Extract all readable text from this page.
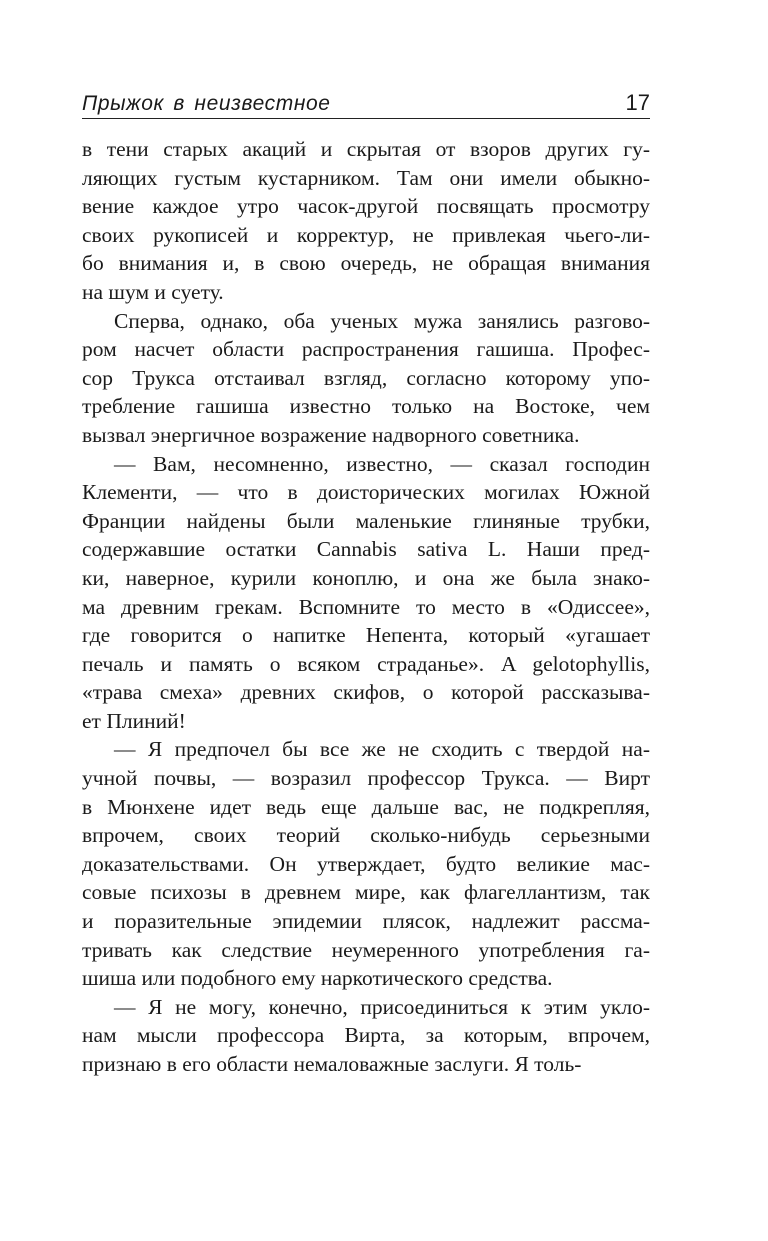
Прыжок в неизвестное	17

в тени старых акаций и скрытая от взоров других гу-
ляющих густым кустарником. Там они имели обыкно-
вение каждое утро часок-другой посвящать просмотру
своих рукописей и корректур, не привлекая чьего-ли-
бо внимания и, в свою очередь, не обращая внимания
на шум и суету.

Сперва, однако, оба ученых мужа занялись разгово-
ром насчет области распространения гашиша. Профес-
сор Трукса отстаивал взгляд, согласно которому упо-
требление гашиша известно только на Востоке, чем
вызвал энергичное возражение надворного советника.

— Вам, несомненно, известно, — сказал господин
Клементи, — что в доисторических могилах Южной
Франции найдены были маленькие глиняные трубки,
содержавшие остатки Cannabis sativa L. Наши пред-
ки, наверное, курили коноплю, и она же была знако-
ма древним грекам. Вспомните то место в «Одиссее»,
где говорится о напитке Непента, который «угашает
печаль и память о всяком страданье». A gelotophyllis,
«трава смеха» древних скифов, о которой рассказыва-
ет Плиний!

— Я предпочел бы все же не сходить с твердой на-
учной почвы, — возразил профессор Трукса. — Вирт
в Мюнхене идет ведь еще дальше вас, не подкрепляя,
впрочем, своих теорий сколько-нибудь серьезными
доказательствами. Он утверждает, будто великие мас-
совые психозы в древнем мире, как флагеллантизм, так
и поразительные эпидемии плясок, надлежит рассма-
тривать как следствие неумеренного употребления га-
шиша или подобного ему наркотического средства.

— Я не могу, конечно, присоединиться к этим укло-
нам мысли профессора Вирта, за которым, впрочем,
признаю в его области немаловажные заслуги. Я толь-
